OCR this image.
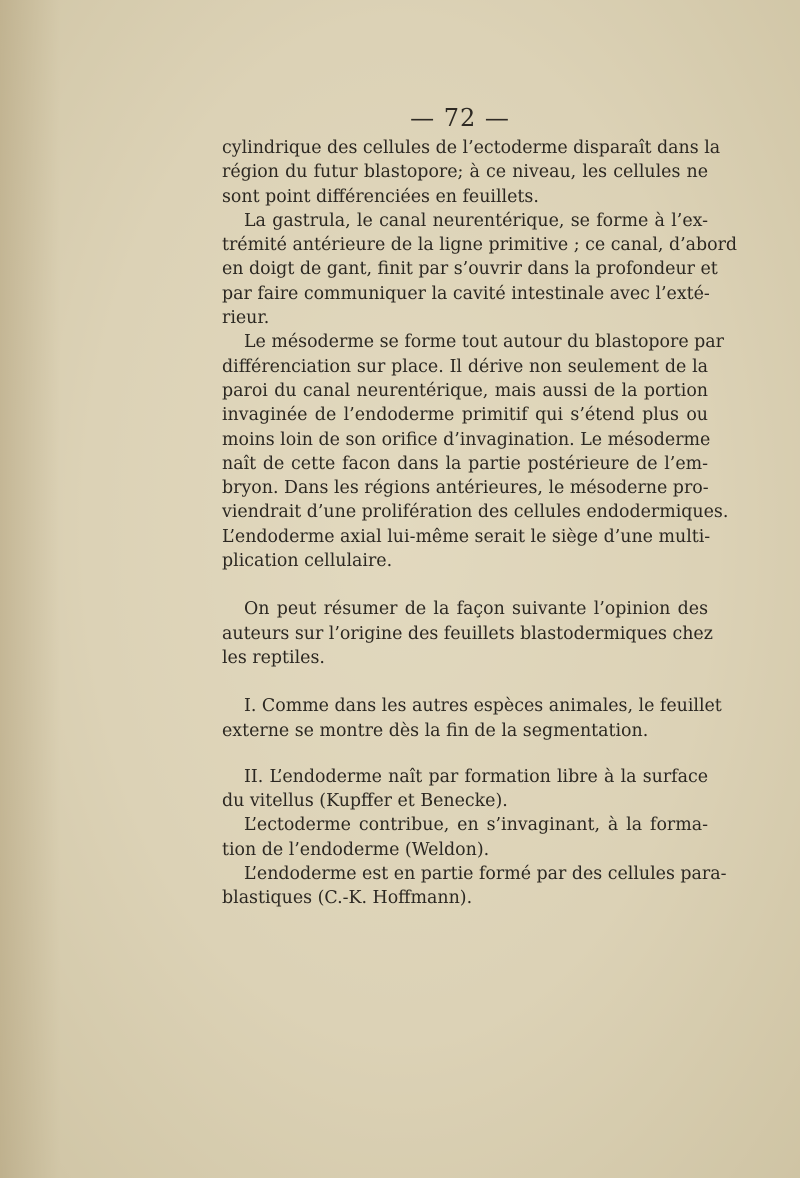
— 72 —
cylindrique des cellules de l’ectoderme disparaît dans la
région du futur blastopore; à ce niveau, les cellules ne
sont point différenciées en feuillets.
La gastrula, le canal neurentérique, se forme à l’ex-
trémité antérieure de la ligne primitive ; ce canal, d’abord
en doigt de gant, finit par s’ouvrir dans la profondeur et
par faire communiquer la cavité intestinale avec l’exté-
rieur.
Le mésoderme se forme tout autour du blastopore par
différenciation sur place. Il dérive non seulement de la
paroi du canal neurentérique, mais aussi de la portion
invaginée de l’endoderme primitif qui s’étend plus ou
moins loin de son orifice d’invagination. Le mésoderme
naît de cette facon dans la partie postérieure de l’em-
bryon. Dans les régions antérieures, le mésoderne pro-
viendrait d’une prolifération des cellules endodermiques.
L’endoderme axial lui-même serait le siège d’une multi-
plication cellulaire.
On peut résumer de la façon suivante l’opinion des
auteurs sur l’origine des feuillets blastodermiques chez
les reptiles.
I. Comme dans les autres espèces animales, le feuillet
externe se montre dès la fin de la segmentation.
II. L’endoderme naît par formation libre à la surface
du vitellus (Kupffer et Benecke).
L’ectoderme contribue, en s’invaginant, à la forma-
tion de l’endoderme (Weldon).
L’endoderme est en partie formé par des cellules para-
blastiques (C.-K. Hoffmann).
